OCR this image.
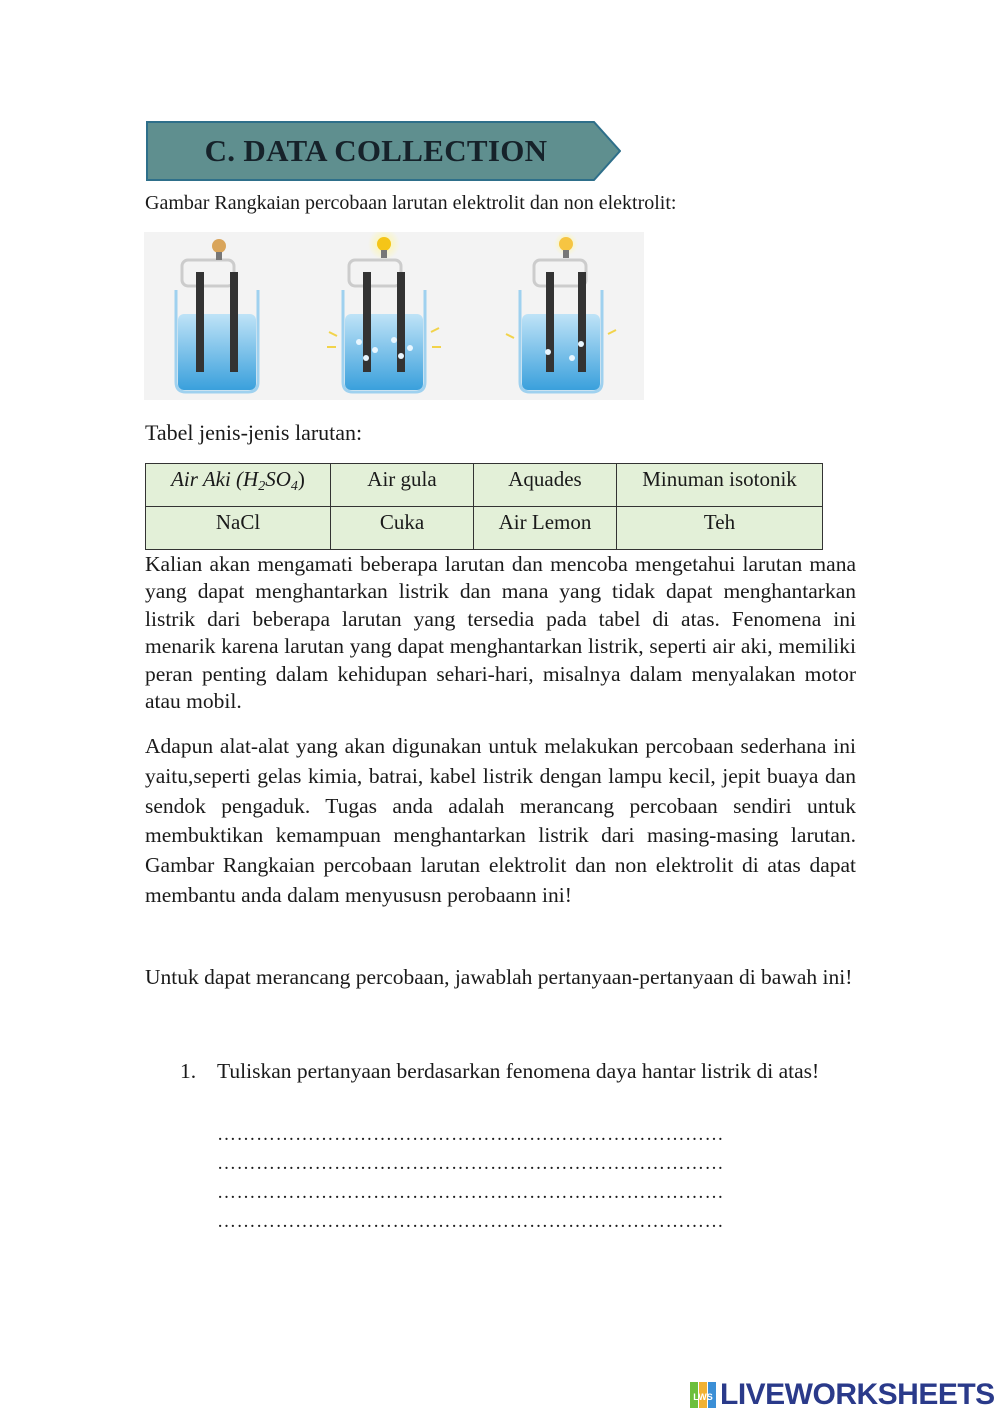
C. DATA COLLECTION
Gambar Rangkaian percobaan larutan elektrolit dan non elektrolit:
Tabel jenis-jenis larutan:
Air Aki $(H_2SO_4)$	Air gula	Aquades	Minuman isotonik
NaCl	Cuka	Air Lemon	Teh
Kalian akan mengamati beberapa larutan dan mencoba mengetahui larutan mana yang dapat menghantarkan listrik dan mana yang tidak dapat menghantarkan listrik dari beberapa larutan yang tersedia pada tabel di atas. Fenomena ini menarik karena larutan yang dapat menghantarkan listrik, seperti air aki, memiliki peran penting dalam kehidupan sehari-hari, misalnya dalam menyalakan motor atau mobil.
Adapun alat-alat yang akan digunakan untuk melakukan percobaan sederhana ini yaitu,seperti gelas kimia, batrai, kabel listrik dengan lampu kecil, jepit buaya dan sendok pengaduk. Tugas anda adalah merancang percobaan sendiri untuk membuktikan kemampuan menghantarkan listrik dari masing-masing larutan. Gambar Rangkaian percobaan larutan elektrolit dan non elektrolit di atas dapat membantu anda dalam menyususn perobaann ini!
Untuk dapat merancang percobaan, jawablah pertanyaan-pertanyaan di bawah ini!
1. Tuliskan pertanyaan berdasarkan fenomena daya hantar listrik di atas!
……………………………………………………………………
……………………………………………………………………
……………………………………………………………………
……………………………………………………………………
LWS LIVEWORKSHEETS
